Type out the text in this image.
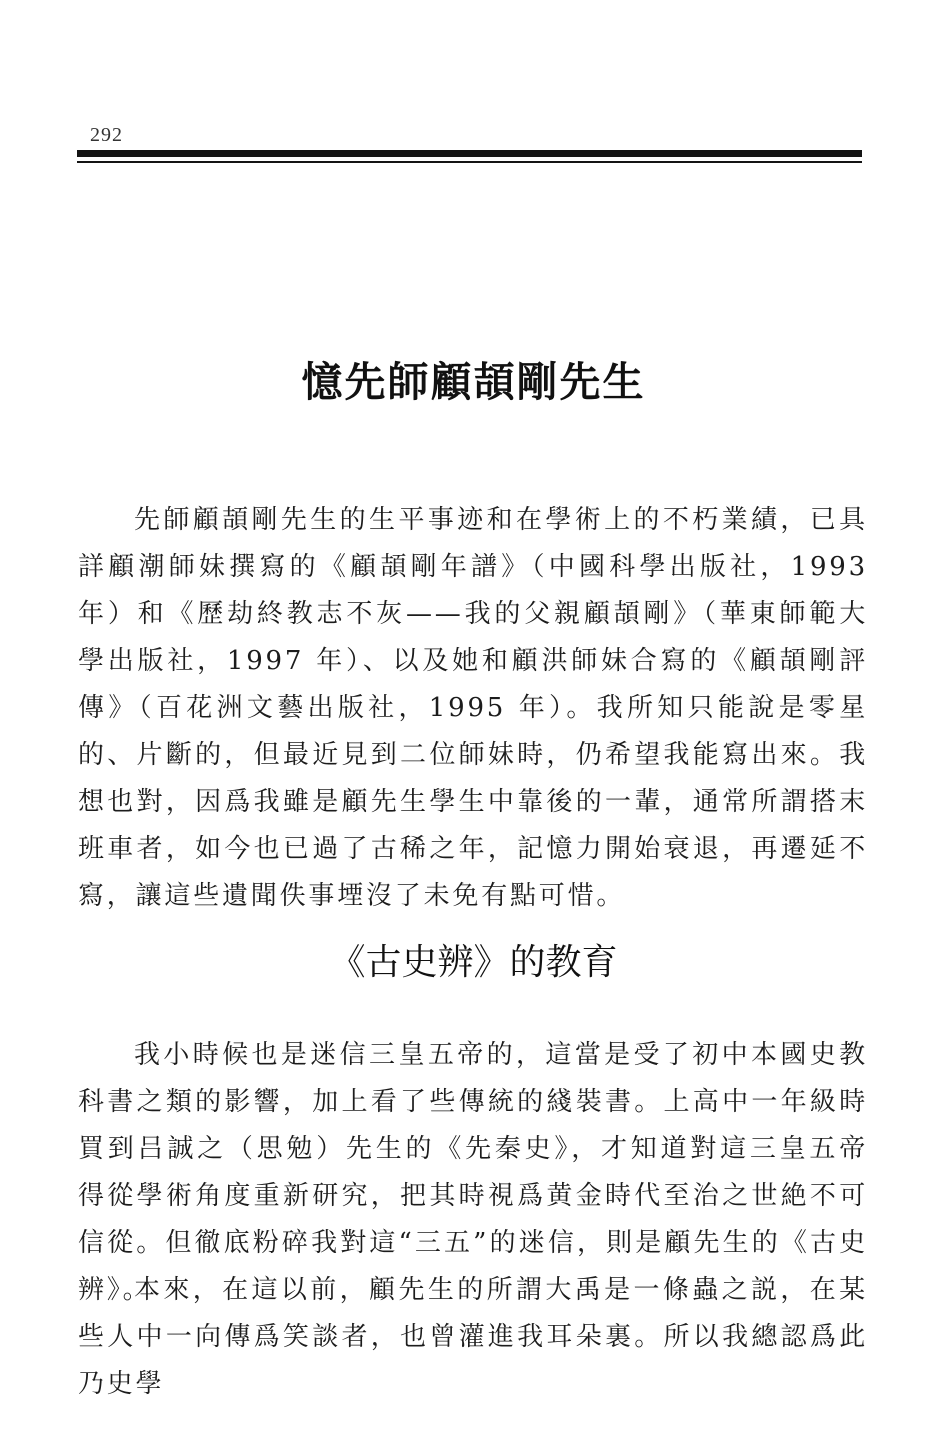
292
憶先師顧頡剛先生

先師顧頡剛先生的生平事迹和在學術上的不朽業績，已具詳顧潮師妹撰寫的《顧頡剛年譜》（中國科學出版社，1993 年）和《歷劫終教志不灰——我的父親顧頡剛》（華東師範大學出版社，1997 年）、以及她和顧洪師妹合寫的《顧頡剛評傳》（百花洲文藝出版社，1995 年）。我所知只能說是零星的、片斷的，但最近見到二位師妹時，仍希望我能寫出來。我想也對，因爲我雖是顧先生學生中靠後的一輩，通常所謂搭末班車者，如今也已過了古稀之年，記憶力開始衰退，再遷延不寫，讓這些遺聞佚事堙沒了未免有點可惜。

《古史辨》的教育

我小時候也是迷信三皇五帝的，這當是受了初中本國史教科書之類的影響，加上看了些傳統的綫裝書。上高中一年級時買到吕誠之（思勉）先生的《先秦史》，才知道對這三皇五帝得從學術角度重新研究，把其時視爲黄金時代至治之世絶不可信從。但徹底粉碎我對這“三五”的迷信，則是顧先生的《古史辨》。

本來，在這以前，顧先生的所謂大禹是一條蟲之説，在某些人中一向傳爲笑談者，也曾灌進我耳朵裏。所以我總認爲此乃史學
